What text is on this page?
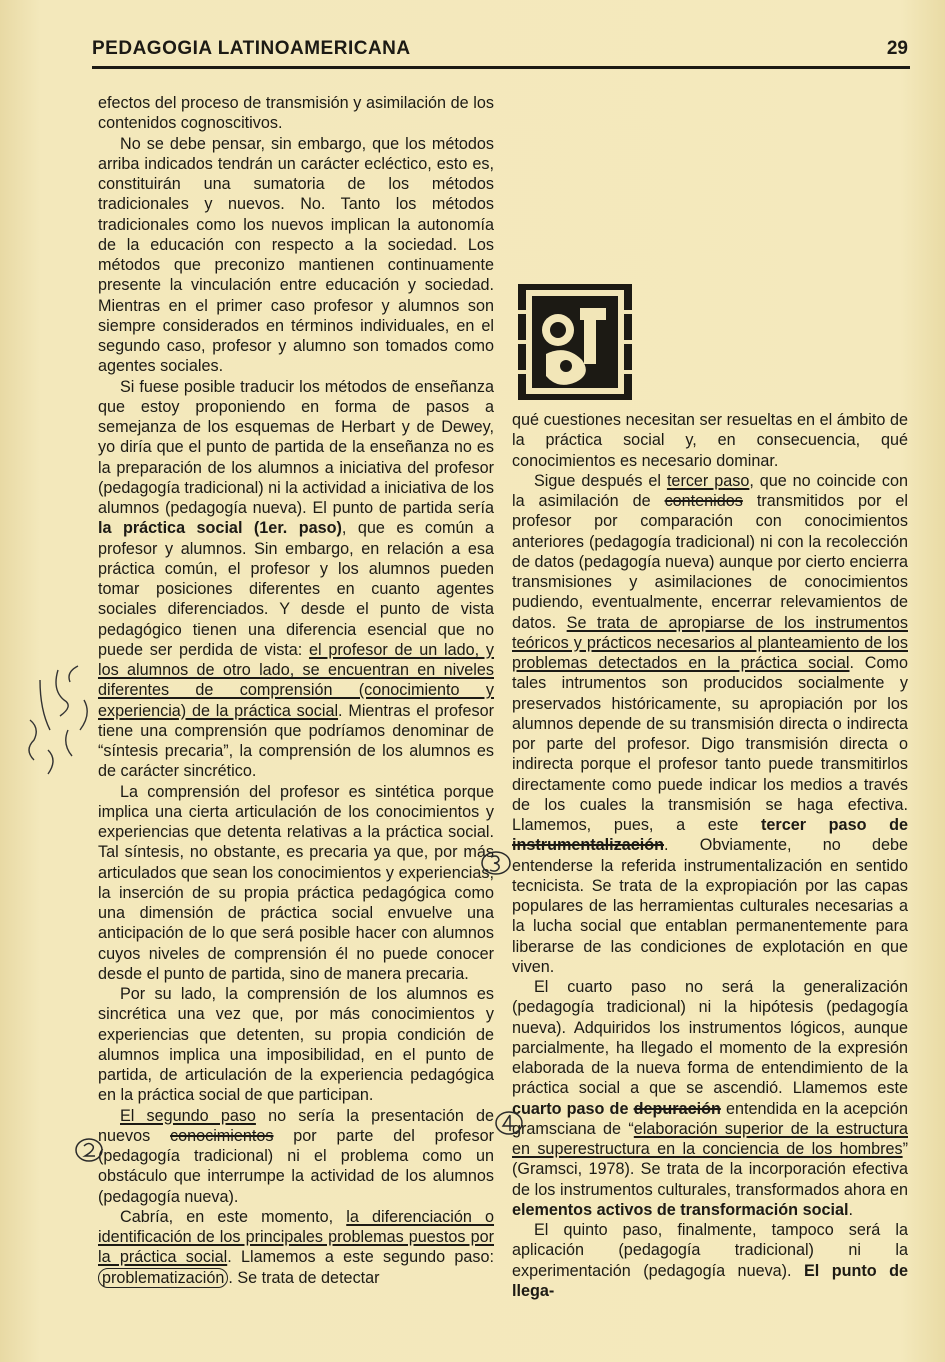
PEDAGOGIA LATINOAMERICANA	29

efectos del proceso de transmisión y asimilación de los contenidos cognoscitivos.

No se debe pensar, sin embargo, que los métodos arriba indicados tendrán un carácter ecléctico, esto es, constituirán una sumatoria de los métodos tradicionales y nuevos. No. Tanto los métodos tradicionales como los nuevos implican la autonomía de la educación con respecto a la sociedad. Los métodos que preconizo mantienen continuamente presente la vinculación entre educación y sociedad. Mientras en el primer caso profesor y alumnos son siempre considerados en términos individuales, en el segundo caso, profesor y alumno son tomados como agentes sociales.

Si fuese posible traducir los métodos de enseñanza que estoy proponiendo en forma de pasos a semejanza de los esquemas de Herbart y de Dewey, yo diría que el punto de partida de la enseñanza no es la preparación de los alumnos a iniciativa del profesor (pedagogía tradicional) ni la actividad a iniciativa de los alumnos (pedagogía nueva). El punto de partida sería la práctica social (1er. paso), que es común a profesor y alumnos. Sin embargo, en relación a esa práctica común, el profesor y los alumnos pueden tomar posiciones diferentes en cuanto agentes sociales diferenciados. Y desde el punto de vista pedagógico tienen una diferencia esencial que no puede ser perdida de vista: el profesor de un lado, y los alumnos de otro lado, se encuentran en niveles diferentes de comprensión (conocimiento y experiencia) de la práctica social. Mientras el profesor tiene una comprensión que podríamos denominar de “síntesis precaria”, la comprensión de los alumnos es de carácter sincrético.

La comprensión del profesor es sintética porque implica una cierta articulación de los conocimientos y experiencias que detenta relativas a la práctica social. Tal síntesis, no obstante, es precaria ya que, por más articulados que sean los conocimientos y experiencias, la inserción de su propia práctica pedagógica como una dimensión de práctica social envuelve una anticipación de lo que será posible hacer con alumnos cuyos niveles de comprensión él no puede conocer desde el punto de partida, sino de manera precaria.

Por su lado, la comprensión de los alumnos es sincrética una vez que, por más conocimientos y experiencias que detenten, su propia condición de alumnos implica una imposibilidad, en el punto de partida, de articulación de la experiencia pedagógica en la práctica social de que participan.

El segundo paso no sería la presentación de nuevos conocimientos por parte del profesor (pedagogía tradicional) ni el problema como un obstáculo que interrumpe la actividad de los alumnos (pedagogía nueva).

Cabría, en este momento, la diferenciación o identificación de los principales problemas puestos por la práctica social. Llamemos a este segundo paso: problematización . Se trata de detectar

qué cuestiones necesitan ser resueltas en el ámbito de la práctica social y, en consecuencia, qué conocimientos es necesario dominar.

Sigue después el tercer paso, que no coincide con la asimilación de contenidos transmitidos por el profesor por comparación con conocimientos anteriores (pedagogía tradicional) ni con la recolección de datos (pedagogía nueva) aunque por cierto encierra transmisiones y asimilaciones de conocimientos pudiendo, eventualmente, encerrar relevamientos de datos. Se trata de apropiarse de los instrumentos teóricos y prácticos necesarios al planteamiento de los problemas detectados en la práctica social. Como tales intrumentos son producidos socialmente y preservados históricamente, su apropiación por los alumnos depende de su transmisión directa o indirecta por parte del profesor. Digo transmisión directa o indirecta porque el profesor tanto puede transmitirlos directamente como puede indicar los medios a través de los cuales la transmisión se haga efectiva. Llamemos, pues, a este tercer paso de instrumentalización. Obviamente, no debe entenderse la referida instrumentalización en sentido tecnicista. Se trata de la expropiación por las capas populares de las herramientas culturales necesarias a la lucha social que entablan permanentemente para liberarse de las condiciones de explotación en que viven.

El cuarto paso no será la generalización (pedagogía tradicional) ni la hipótesis (pedagogía nueva). Adquiridos los instrumentos lógicos, aunque parcialmente, ha llegado el momento de la expresión elaborada de la nueva forma de entendimiento de la práctica social a que se ascendió. Llamemos este cuarto paso de depuración entendida en la acepción gramsciana de “elaboración superior de la estructura en superestructura en la conciencia de los hombres” (Gramsci, 1978). Se trata de la incorporación efectiva de los instrumentos culturales, transformados ahora en elementos activos de transformación social.

El quinto paso, finalmente, tampoco será la aplicación (pedagogía tradicional) ni la experimentación (pedagogía nueva). El punto de llega-
